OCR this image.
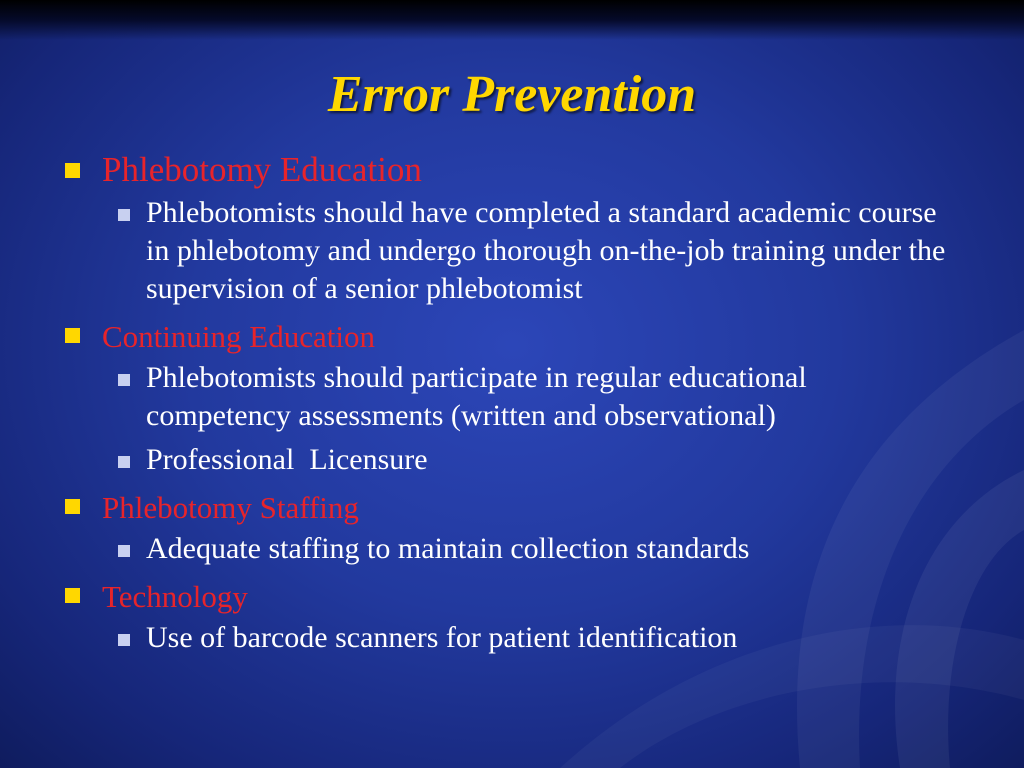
Error Prevention

Phlebotomy Education

Phlebotomists should have completed a standard academic course in phlebotomy and undergo thorough on-the-job training under the supervision of a senior phlebotomist

Continuing Education

Phlebotomists should participate in regular educational competency assessments (written and observational)

Professional  Licensure

Phlebotomy Staffing

Adequate staffing to maintain collection standards

Technology

Use of barcode scanners for patient identification
